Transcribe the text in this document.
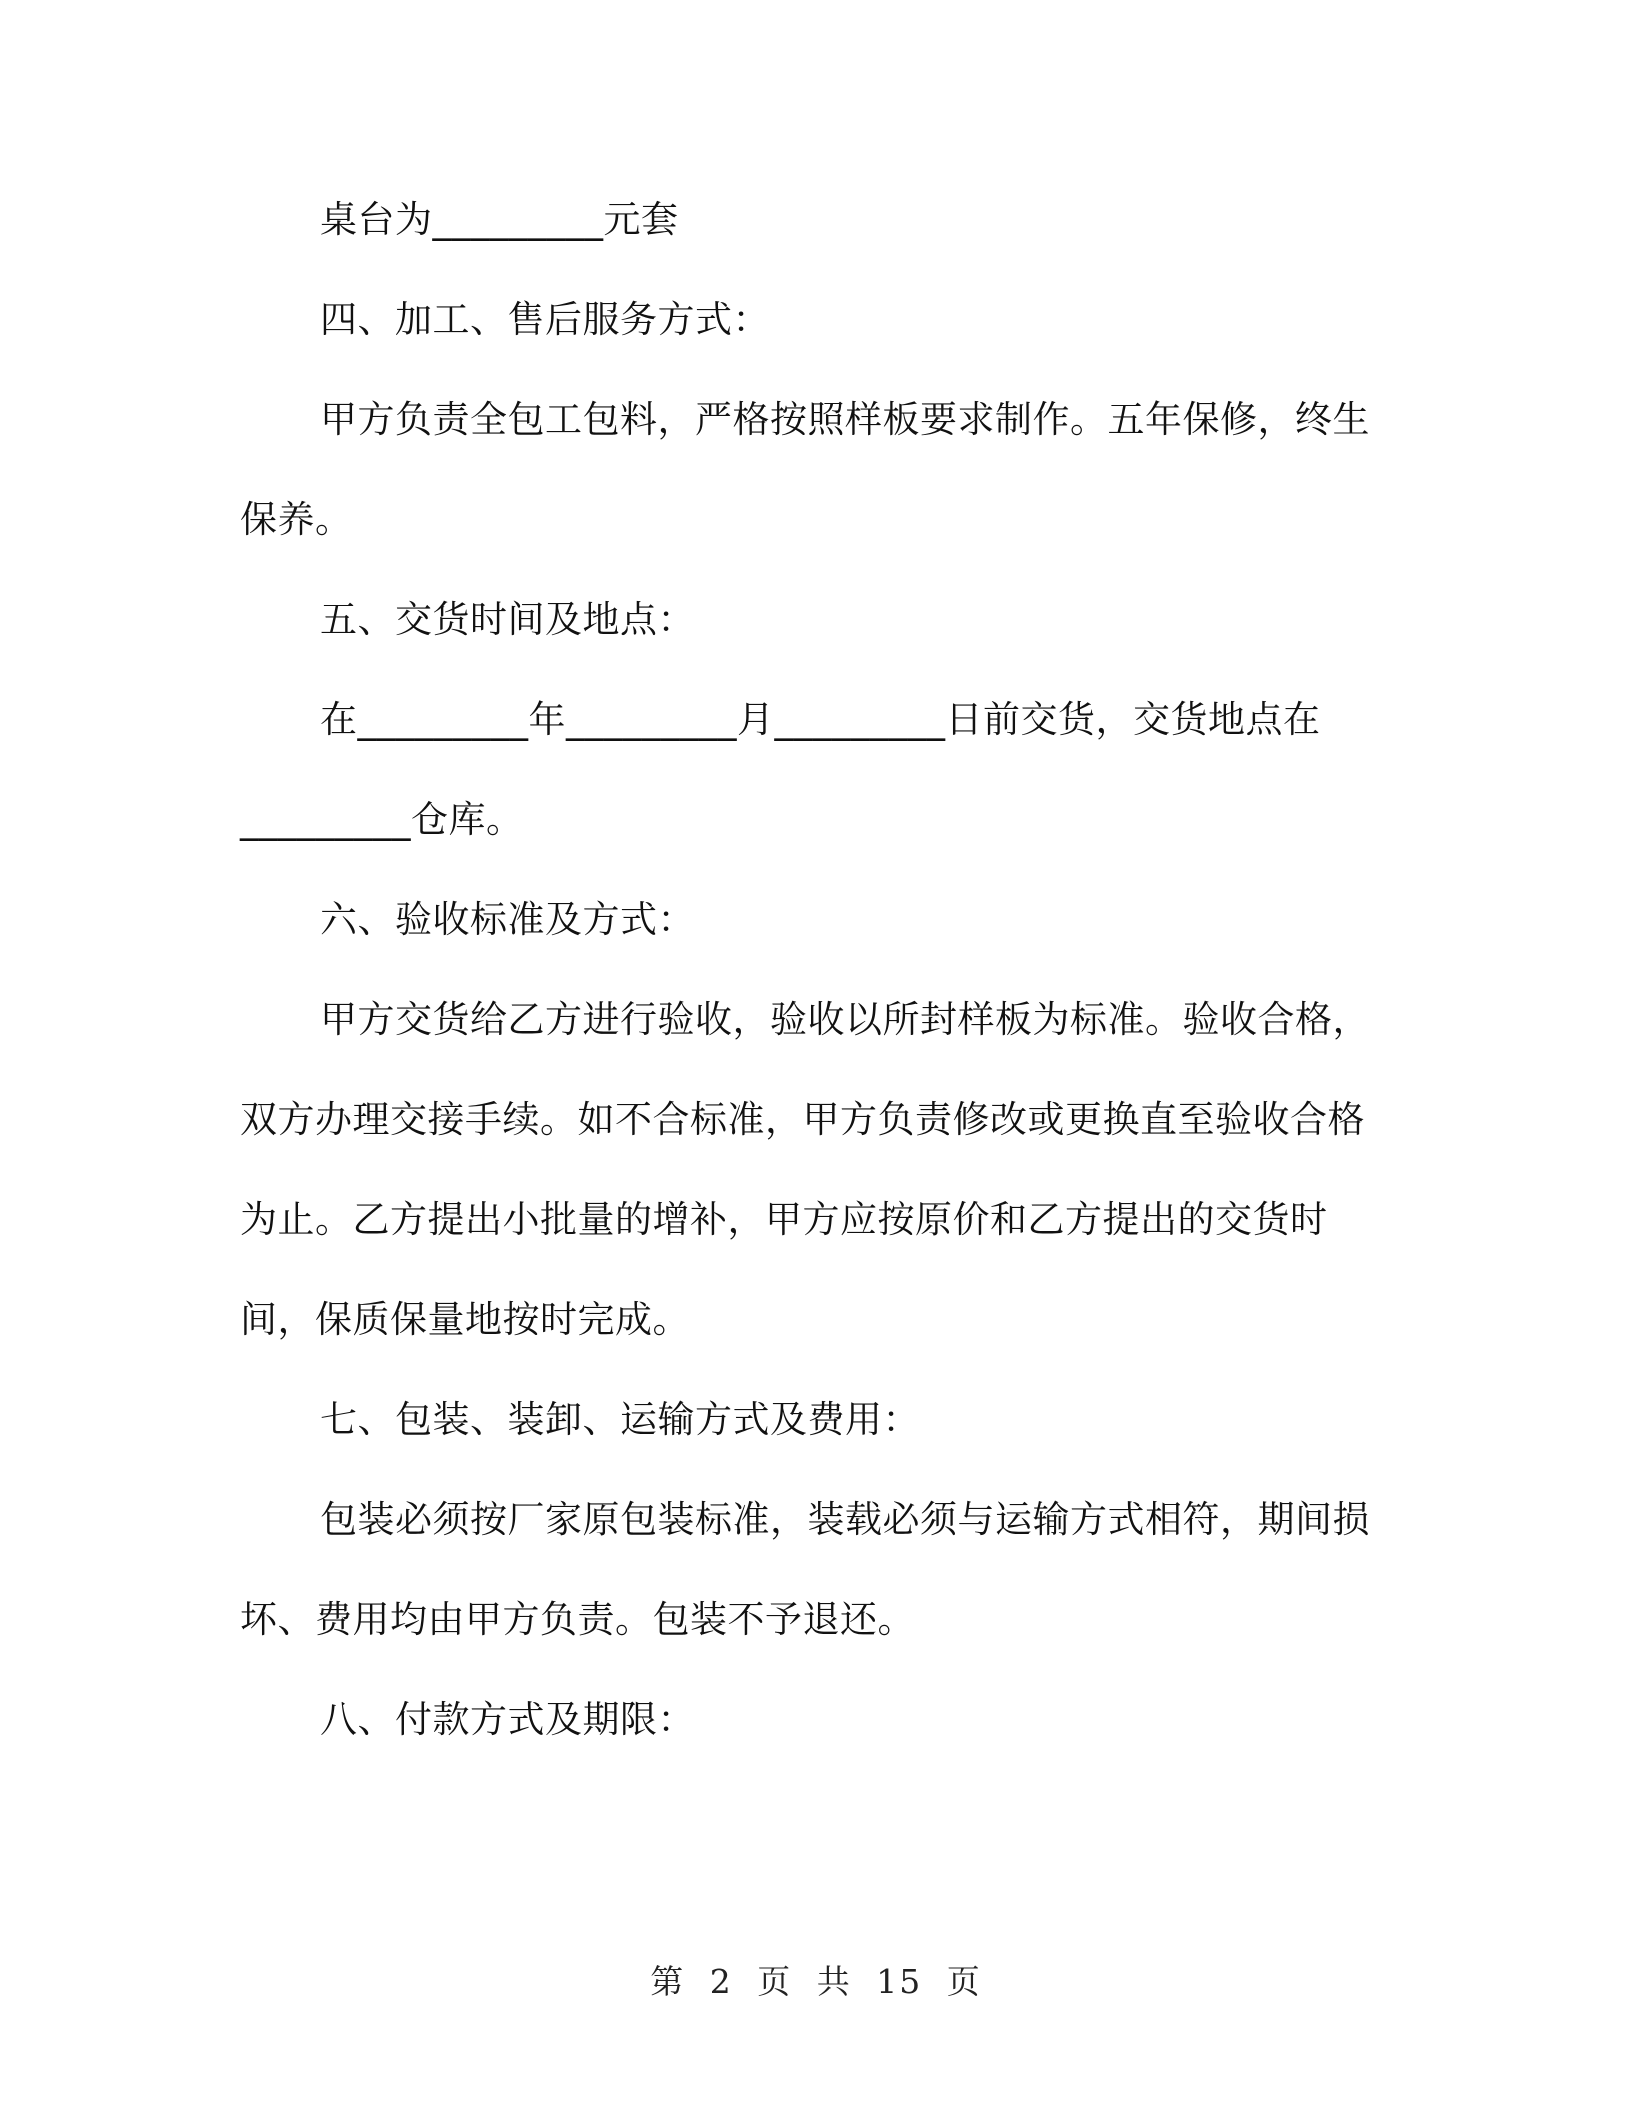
桌台为_________元套
四、加工、售后服务方式：
甲方负责全包工包料，严格按照样板要求制作。五年保修，终生
保养。
五、交货时间及地点：
在_________年_________月_________日前交货，交货地点在
_________仓库。
六、验收标准及方式：
甲方交货给乙方进行验收，验收以所封样板为标准。验收合格，
双方办理交接手续。如不合标准，甲方负责修改或更换直至验收合格
为止。乙方提出小批量的增补，甲方应按原价和乙方提出的交货时
间，保质保量地按时完成。
七、包装、装卸、运输方式及费用：
包装必须按厂家原包装标准，装载必须与运输方式相符，期间损
坏、费用均由甲方负责。包装不予退还。
八、付款方式及期限：
第 2 页 共 15 页
